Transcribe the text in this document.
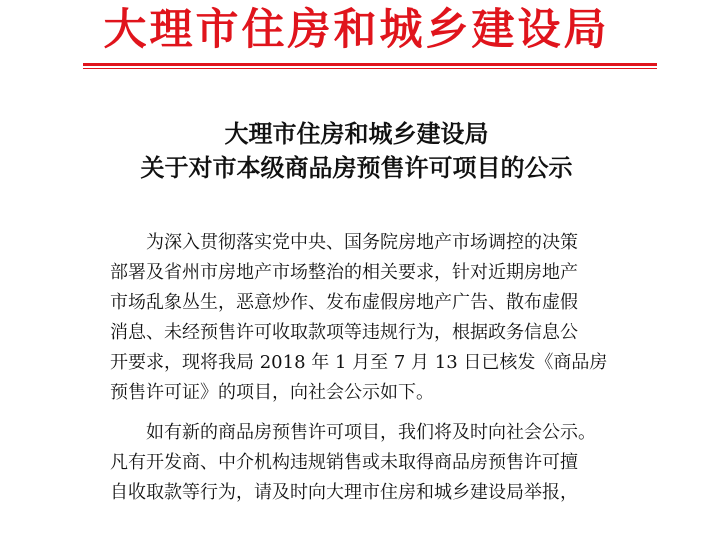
大理市住房和城乡建设局
大理市住房和城乡建设局
关于对市本级商品房预售许可项目的公示
为深入贯彻落实党中央、国务院房地产市场调控的决策
部署及省州市房地产市场整治的相关要求，针对近期房地产
市场乱象丛生，恶意炒作、发布虚假房地产广告、散布虚假
消息、未经预售许可收取款项等违规行为，根据政务信息公
开要求，现将我局 2018 年 1 月至 7 月 13 日已核发《商品房
预售许可证》的项目，向社会公示如下。
如有新的商品房预售许可项目，我们将及时向社会公示。
凡有开发商、中介机构违规销售或未取得商品房预售许可擅
自收取款等行为，请及时向大理市住房和城乡建设局举报，
